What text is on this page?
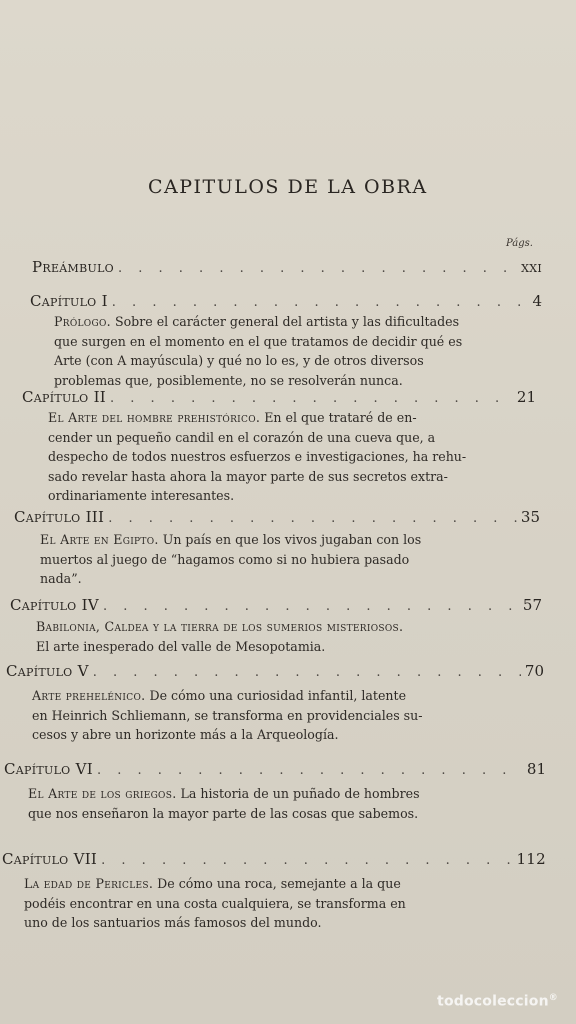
CAPITULOS DE LA OBRA
Págs.
Preámbulo . . .	xxi
Capítulo I . . .	4
Prólogo. Sobre el carácter general del artista y las dificultades
que surgen en el momento en el que tratamos de decidir qué es
Arte (con A mayúscula) y qué no lo es, y de otros diversos
problemas que, posiblemente, no se resolverán nunca.
Capítulo II . . .	21
El Arte del hombre prehistórico. En el que trataré de en-
cender un pequeño candil en el corazón de una cueva que, a
despecho de todos nuestros esfuerzos e investigaciones, ha rehu-
sado revelar hasta ahora la mayor parte de sus secretos extra-
ordinariamente interesantes.
Capítulo III . . .	35
El Arte en Egipto. Un país en que los vivos jugaban con los
muertos al juego de “hagamos como si no hubiera pasado
nada”.
Capítulo IV . . .	57
Babilonia, Caldea y la tierra de los sumerios misteriosos.
El arte inesperado del valle de Mesopotamia.
Capítulo V . . .	70
Arte prehelénico. De cómo una curiosidad infantil, latente
en Heinrich Schliemann, se transforma en providenciales su-
cesos y abre un horizonte más a la Arqueología.
Capítulo VI . . .	81
El Arte de los griegos. La historia de un puñado de hombres
que nos enseñaron la mayor parte de las cosas que sabemos.
Capítulo VII . . .	112
La edad de Pericles. De cómo una roca, semejante a la que
podéis encontrar en una costa cualquiera, se transforma en
uno de los santuarios más famosos del mundo.
todocoleccion®
